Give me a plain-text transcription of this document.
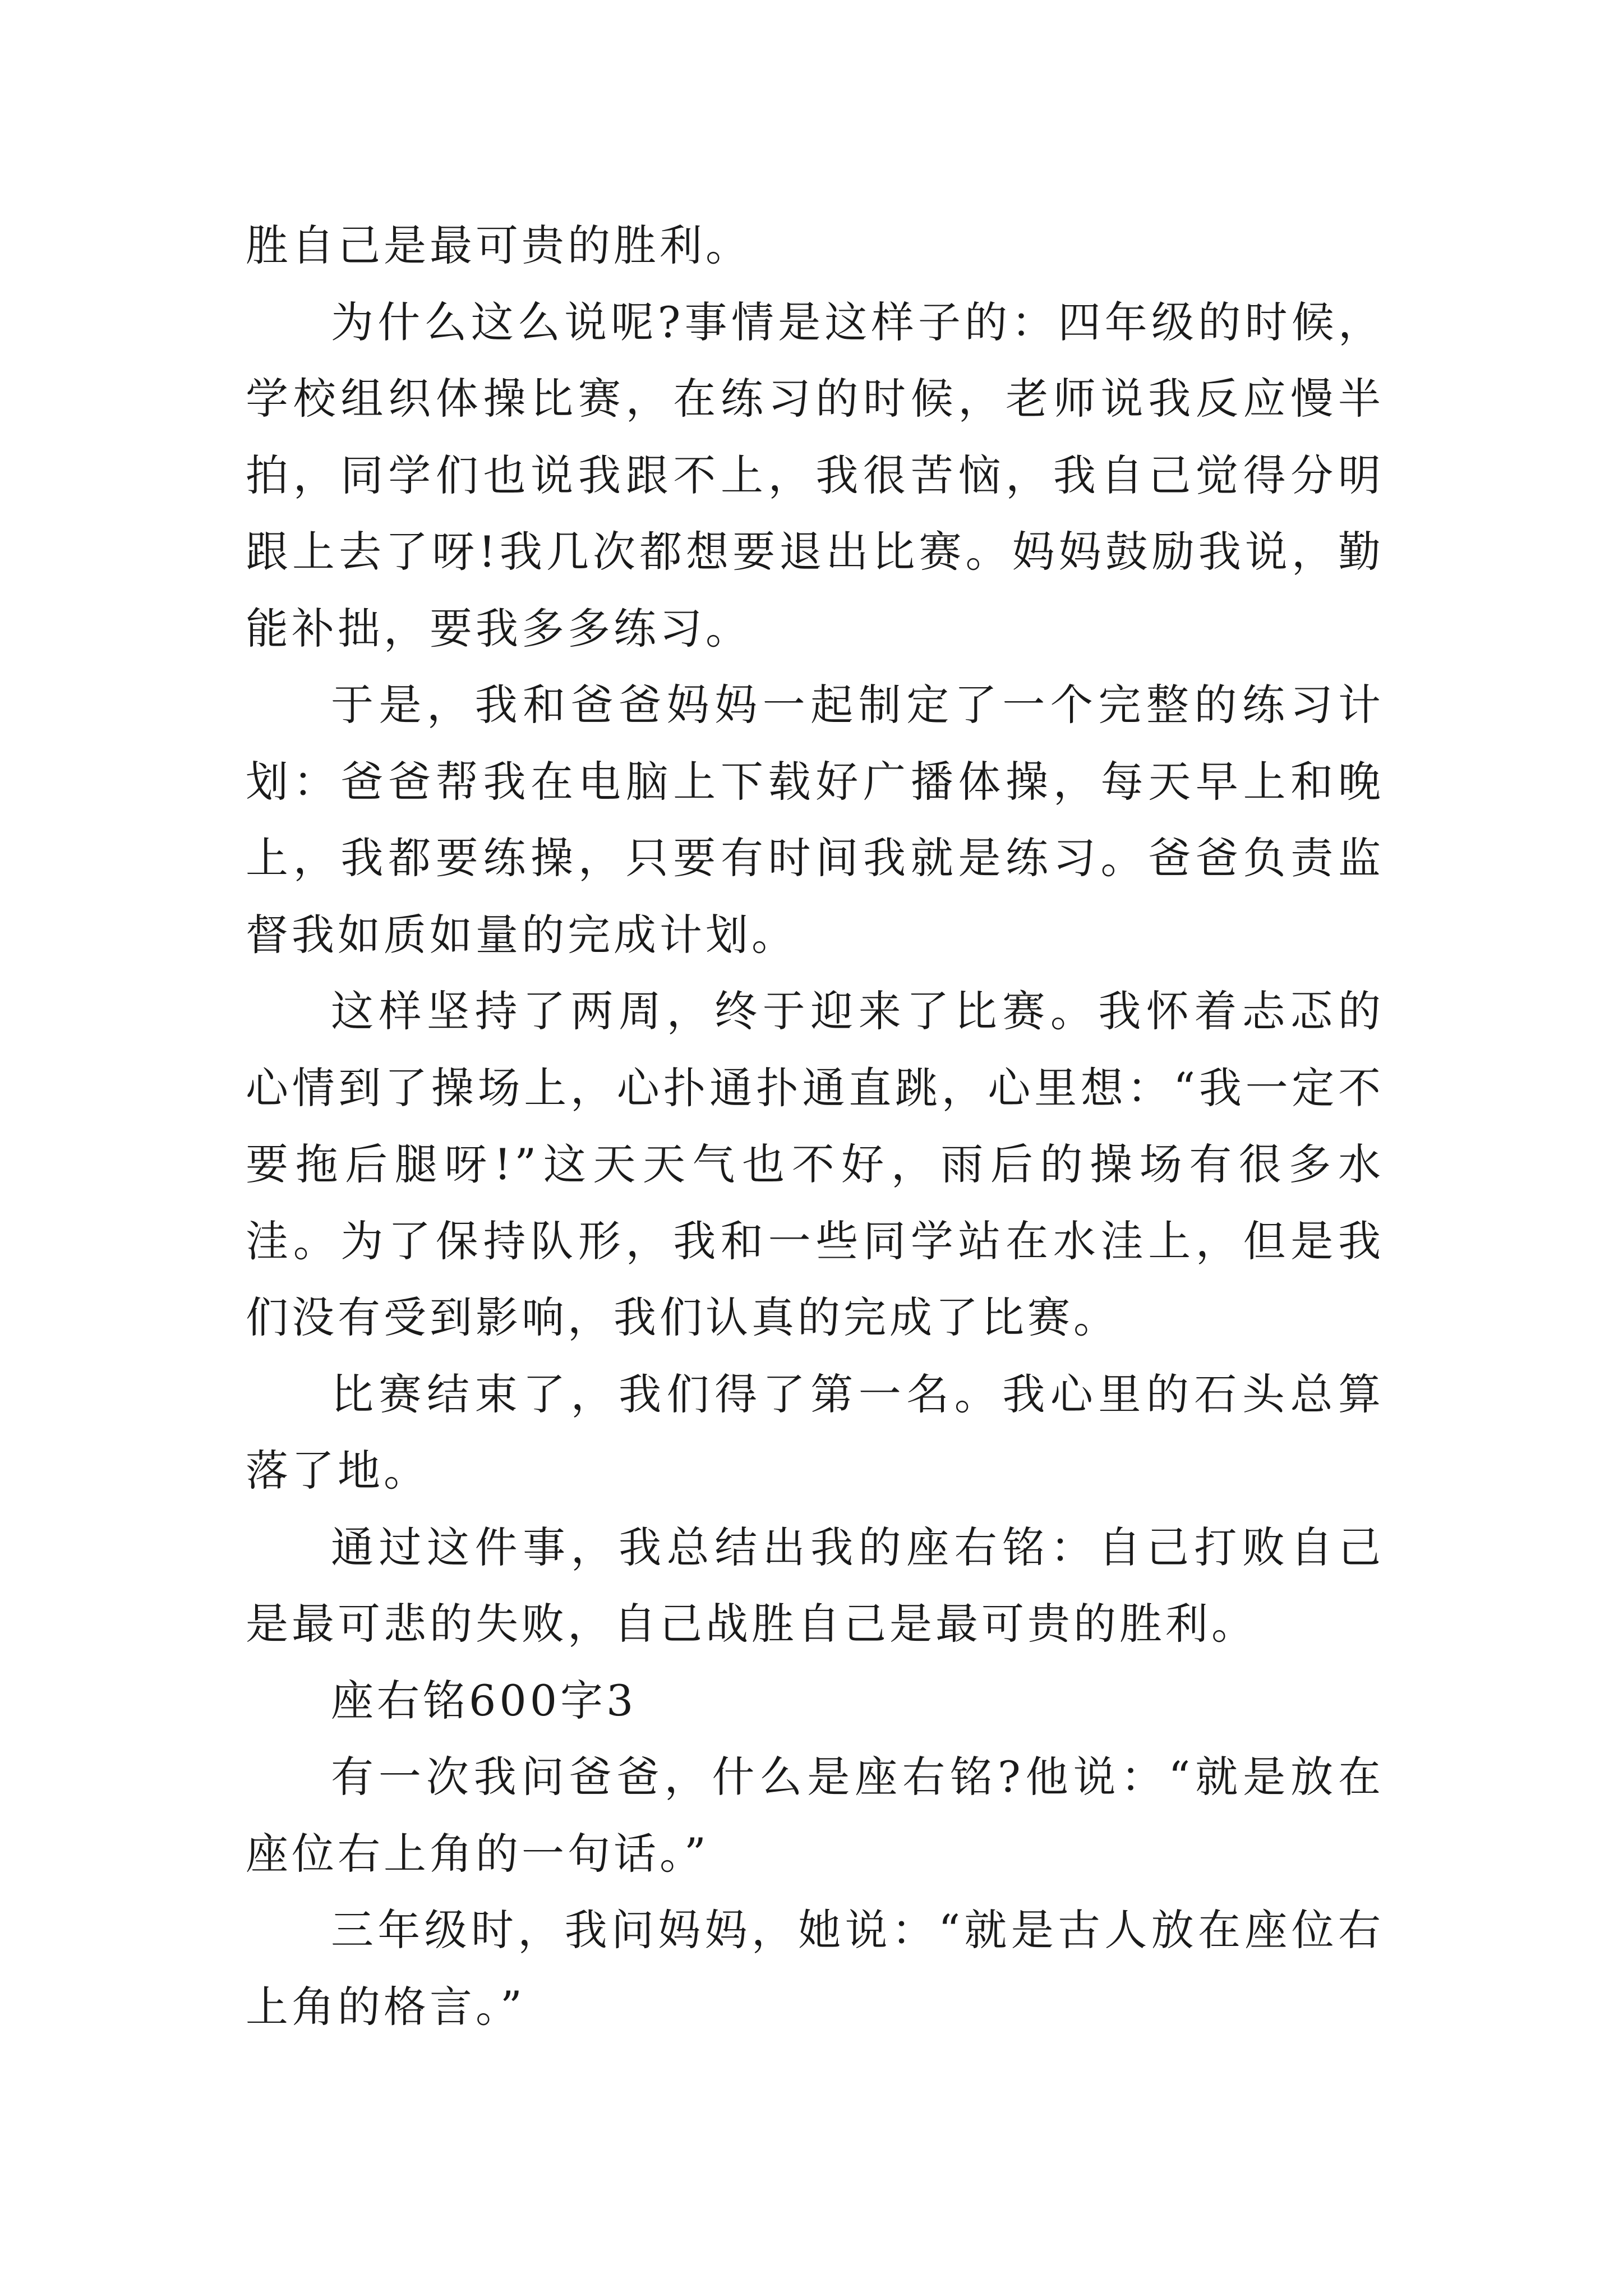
胜自己是最可贵的胜利。

为什么这么说呢?事情是这样子的：四年级的时候，学校组织体操比赛，在练习的时候，老师说我反应慢半拍，同学们也说我跟不上，我很苦恼，我自己觉得分明跟上去了呀!我几次都想要退出比赛。妈妈鼓励我说，勤能补拙，要我多多练习。

于是，我和爸爸妈妈一起制定了一个完整的练习计划：爸爸帮我在电脑上下载好广播体操，每天早上和晚上，我都要练操，只要有时间我就是练习。爸爸负责监督我如质如量的完成计划。

这样坚持了两周，终于迎来了比赛。我怀着忐忑的心情到了操场上，心扑通扑通直跳，心里想：“我一定不要拖后腿呀!”这天天气也不好，雨后的操场有很多水洼。为了保持队形，我和一些同学站在水洼上，但是我们没有受到影响，我们认真的完成了比赛。

比赛结束了，我们得了第一名。我心里的石头总算落了地。

通过这件事，我总结出我的座右铭：自己打败自己是最可悲的失败，自己战胜自己是最可贵的胜利。

座右铭600字3

有一次我问爸爸，什么是座右铭?他说：“就是放在座位右上角的一句话。”

三年级时，我问妈妈，她说：“就是古人放在座位右上角的格言。”
